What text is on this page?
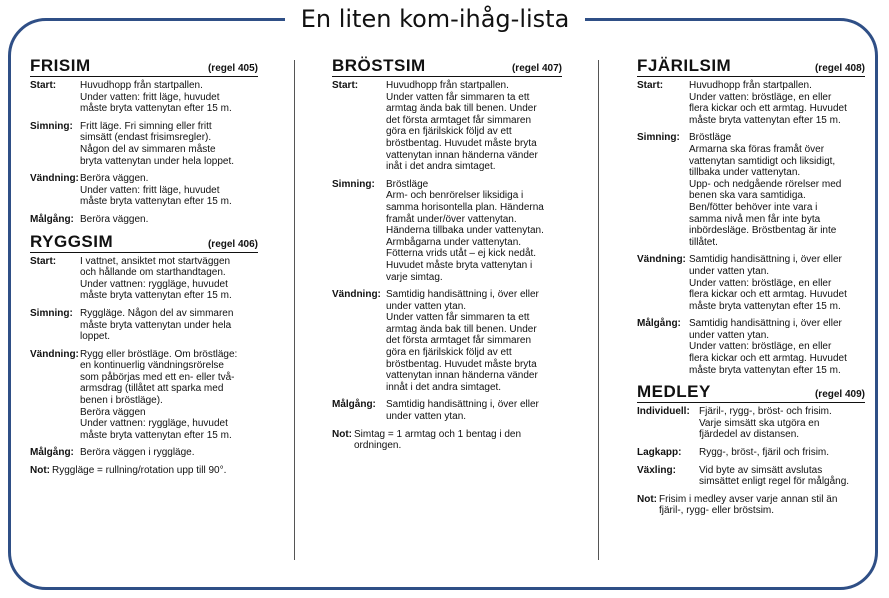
En liten kom-ihåg-lista
FRISIM	(regel 405)
Start:	Huvudhopp från startpallen.
Under vatten: fritt läge, huvudet
måste bryta vattenytan efter 15 m.
Simning: Fritt läge. Fri simning eller fritt
simsätt (endast frisimsregler).
Någon del av simmaren måste
bryta vattenytan under hela loppet.
Vändning: Beröra väggen.
Under vatten: fritt läge, huvudet
måste bryta vattenytan efter 15 m.
Målgång: Beröra väggen.
RYGGSIM	(regel 406)
Start:	I vattnet, ansiktet mot startväggen
och hållande om starthandtagen.
Under vattnen: ryggläge, huvudet
måste bryta vattenytan efter 15 m.
Simning: Ryggläge. Någon del av simmaren
måste bryta vattenytan under hela
loppet.
Vändning: Rygg eller bröstläge. Om bröstläge:
en kontinuerlig vändningsrörelse
som påbörjas med ett en- eller två-
armsdrag (tillåtet att sparka med
benen i bröstläge).
Beröra väggen
Under vattnen: ryggläge, huvudet
måste bryta vattenytan efter 15 m.
Målgång: Beröra väggen i ryggläge.
Not: Ryggläge = rullning/rotation upp till 90°.
BRÖSTSIM	(regel 407)
Start:	Huvudhopp från startpallen.
Under vatten får simmaren ta ett
armtag ända bak till benen. Under
det första armtaget får simmaren
göra en fjärilskick följd av ett
bröstbentag. Huvudet måste bryta
vattenytan innan händerna vänder
inåt i det andra simtaget.
Simning:	Bröstläge
Arm- och benrörelser liksidiga i
samma horisontella plan. Händerna
framåt under/över vattenytan.
Händerna tillbaka under vattenytan.
Armbågarna under vattenytan.
Fötterna vrids utåt – ej kick nedåt.
Huvudet måste bryta vattenytan i
varje simtag.
Vändning: Samtidig handisättning i, över eller
under vatten ytan.
Under vatten får simmaren ta ett
armtag ända bak till benen. Under
det första armtaget får simmaren
göra en fjärilskick följd av ett
bröstbentag. Huvudet måste bryta
vattenytan innan händerna vänder
innåt i det andra simtaget.
Målgång:	Samtidig handisättning i, över eller
under vatten ytan.
Not: Simtag = 1 armtag och 1 bentag i den
ordningen.
FJÄRILSIM	(regel 408)
Start:	Huvudhopp från startpallen.
Under vatten: bröstläge, en eller
flera kickar och ett armtag. Huvudet
måste bryta vattenytan efter 15 m.
Simning: Bröstläge
Armarna ska föras framåt över
vattenytan samtidigt och liksidigt,
tillbaka under vattenytan.
Upp- och nedgående rörelser med
benen ska vara samtidiga.
Ben/fötter behöver inte vara i
samma nivå men får inte byta
inbördesläge. Bröstbentag är inte
tillåtet.
Vändning: Samtidig handisättning i, över eller
under vatten ytan.
Under vatten: bröstläge, en eller
flera kickar och ett armtag. Huvudet
måste bryta vattenytan efter 15 m.
Målgång: Samtidig handisättning i, över eller
under vatten ytan.
Under vatten: bröstläge, en eller
flera kickar och ett armtag. Huvudet
måste bryta vattenytan efter 15 m.
MEDLEY	(regel 409)
Individuell: Fjäril-, rygg-, bröst- och frisim.
Varje simsätt ska utgöra en
fjärdedel av distansen.
Lagkapp:	Rygg-, bröst-, fjäril och frisim.
Växling:	Vid byte av simsätt avslutas
simsättet enligt regel för målgång.
Not: Frisim i medley avser varje annan stil än
fjäril-, rygg- eller bröstsim.
